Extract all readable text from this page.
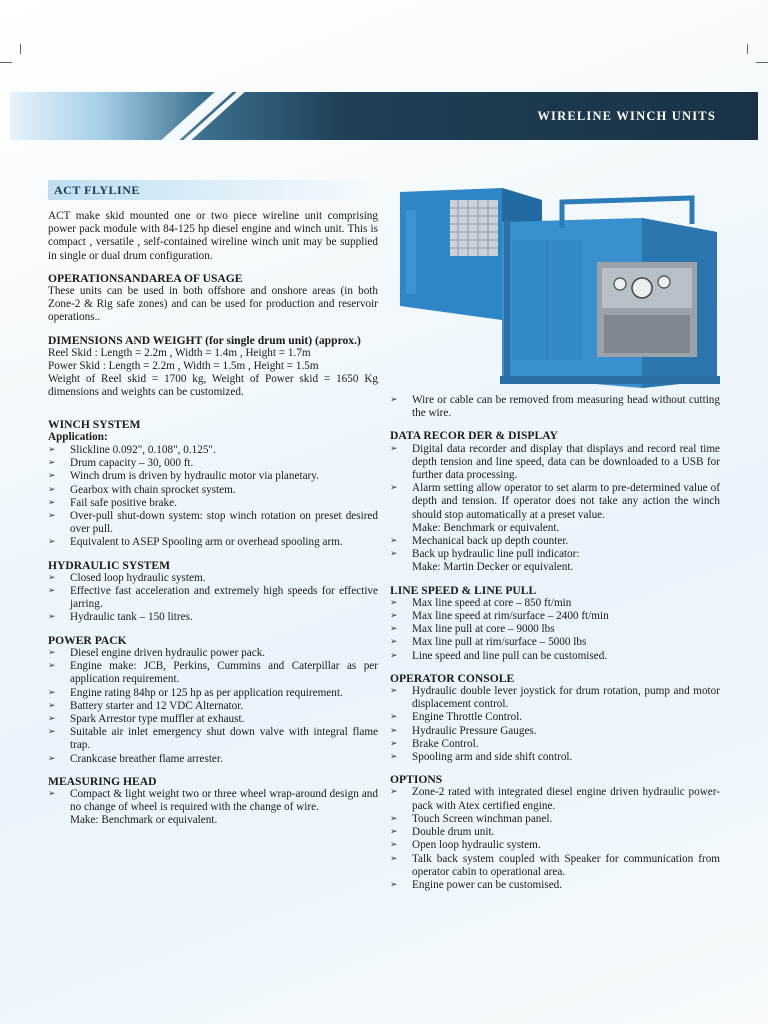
WIRELINE WINCH UNITS
ACT FLYLINE

ACT make skid mounted one or two piece wireline unit comprising power pack module with 84-125 hp diesel engine and winch unit. This is compact , versatile , self-contained wireline winch unit may be supplied in single or dual drum configuration.

OPERATIONSANDAREA OF USAGE

These units can be used in both offshore and onshore areas (in both Zone-2 & Rig safe zones) and can be used for production and reservoir operations..

DIMENSIONS AND WEIGHT (for single drum unit) (approx.)

Reel Skid : Length = 2.2m , Width = 1.4m , Height = 1.7m
Power Skid : Length = 2.2m , Width = 1.5m , Height = 1.5m
Weight of Reel skid = 1700 kg, Weight of Power skid = 1650 Kg dimensions and weights can be customized.

WINCH SYSTEM

Application:

➢ Slickline 0.092", 0.108", 0.125".
➢ Drum capacity – 30, 000 ft.
➢ Winch drum is driven by hydraulic motor via planetary.
➢ Gearbox with chain sprocket system.
➢ Fail safe positive brake.
➢ Over-pull shut-down system: stop winch rotation on preset desired over pull.
➢ Equivalent to ASEP Spooling arm or overhead spooling arm.

HYDRAULIC SYSTEM

➢ Closed loop hydraulic system.
➢ Effective fast acceleration and extremely high speeds for effective jarring.
➢ Hydraulic tank – 150 litres.

POWER PACK

➢ Diesel engine driven hydraulic power pack.
➢ Engine make: JCB, Perkins, Cummins and Caterpillar as per application requirement.
➢ Engine rating 84hp or 125 hp as per application requirement.
➢ Battery starter and 12 VDC Alternator.
➢ Spark Arrestor type muffler at exhaust.
➢ Suitable air inlet emergency shut down valve with integral flame trap.
➢ Crankcase breather flame arrester.

MEASURING HEAD

➢ Compact & light weight two or three wheel wrap-around design and no change of wheel is required with the change of wire.
Make: Benchmark or equivalent.
➢ Wire or cable can be removed from measuring head without cutting the wire.

DATA RECOR DER & DISPLAY

➢ Digital data recorder and display that displays and record real time depth tension and line speed, data can be downloaded to a USB for further data processing.
➢ Alarm setting allow operator to set alarm to pre-determined value of depth and tension. If operator does not take any action the winch should stop automatically at a preset value.
Make: Benchmark or equivalent.
➢ Mechanical back up depth counter.
➢ Back up hydraulic line pull indicator:
Make: Martin Decker or equivalent.

LINE SPEED & LINE PULL

➢ Max line speed at core – 850 ft/min
➢ Max line speed at rim/surface – 2400 ft/min
➢ Max line pull at core – 9000 lbs
➢ Max line pull at rim/surface – 5000 lbs
➢ Line speed and line pull can be customised.

OPERATOR CONSOLE

➢ Hydraulic double lever joystick for drum rotation, pump and motor displacement control.
➢ Engine Throttle Control.
➢ Hydraulic Pressure Gauges.
➢ Brake Control.
➢ Spooling arm and side shift control.

OPTIONS

➢ Zone-2 rated with integrated diesel engine driven hydraulic power-pack with Atex certified engine.
➢ Touch Screen winchman panel.
➢ Double drum unit.
➢ Open loop hydraulic system.
➢ Talk back system coupled with Speaker for communication from operator cabin to operational area.
➢ Engine power can be customised.
